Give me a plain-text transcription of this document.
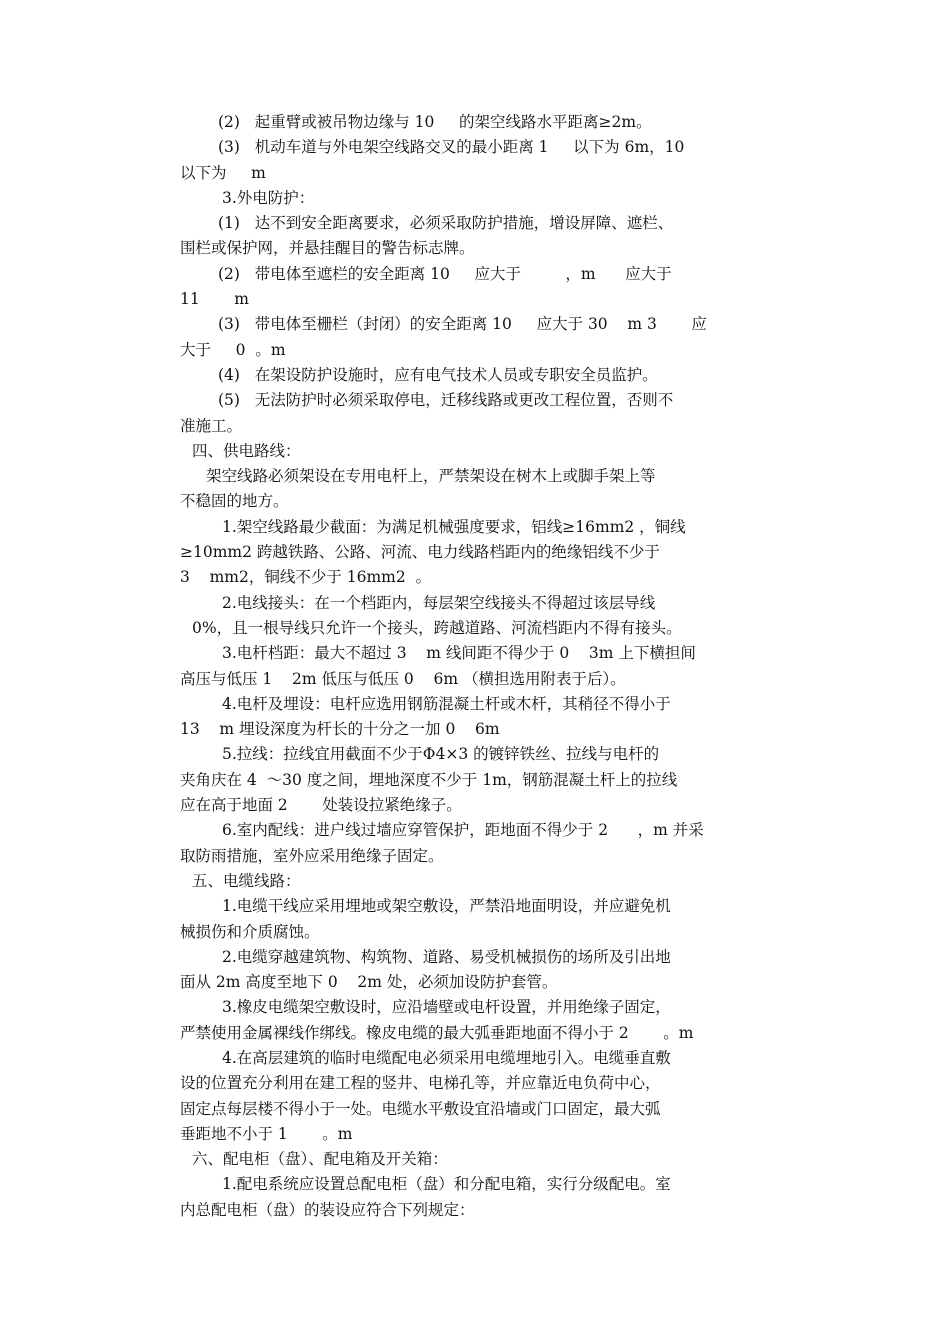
(2)   起重臂或被吊物边缘与 10     的架空线路水平距离≥2m。
(3)   机动车道与外电架空线路交叉的最小距离 1     以下为 6m，10
以下为     m
3.外电防护：
(1)   达不到安全距离要求，必须采取防护措施，增设屏障、遮栏、
围栏或保护网，并悬挂醒目的警告标志牌。
(2)   带电体至遮栏的安全距离 10     应大于         ，m      应大于
11       m
(3)   带电体至栅栏（封闭）的安全距离 10     应大于 30    m 3       应
大于     0  。m
(4)   在架设防护设施时，应有电气技术人员或专职安全员监护。
(5)   无法防护时必须采取停电，迁移线路或更改工程位置，否则不
准施工。
四、供电路线：
架空线路必须架设在专用电杆上，严禁架设在树木上或脚手架上等
不稳固的地方。
1.架空线路最少截面：为满足机械强度要求，铝线≥16mm2 ，铜线
≥10mm2 跨越铁路、公路、河流、电力线路档距内的绝缘铝线不少于
3    mm2，铜线不少于 16mm2  。
2.电线接头：在一个档距内，每层架空线接头不得超过该层导线
0%，且一根导线只允许一个接头，跨越道路、河流档距内不得有接头。
3.电杆档距：最大不超过 3    m 线间距不得少于 0    3m 上下横担间
高压与低压 1    2m 低压与低压 0    6m （横担选用附表于后）。
4.电杆及埋设：电杆应选用钢筋混凝土杆或木杆，其稍径不得小于
13    m 埋设深度为杆长的十分之一加 0    6m
5.拉线：拉线宜用截面不少于Φ4×3 的镀锌铁丝、拉线与电杆的
夹角庆在 4  ～30 度之间，埋地深度不少于 1m，钢筋混凝土杆上的拉线
应在高于地面 2       处装设拉紧绝缘子。
6.室内配线：进户线过墙应穿管保护，距地面不得少于 2      ，m 并采
取防雨措施，室外应采用绝缘子固定。
五、电缆线路：
1.电缆干线应采用埋地或架空敷设，严禁沿地面明设，并应避免机
械损伤和介质腐蚀。
2.电缆穿越建筑物、构筑物、道路、易受机械损伤的场所及引出地
面从 2m 高度至地下 0    2m 处，必须加设防护套管。
3.橡皮电缆架空敷设时，应沿墙壁或电杆设置，并用绝缘子固定，
严禁使用金属裸线作绑线。橡皮电缆的最大弧垂距地面不得小于 2       。m
4.在高层建筑的临时电缆配电必须采用电缆埋地引入。电缆垂直敷
设的位置充分利用在建工程的竖井、电梯孔等，并应靠近电负荷中心，
固定点每层楼不得小于一处。电缆水平敷设宜沿墙或门口固定，最大弧
垂距地不小于 1       。m
六、配电柜（盘）、配电箱及开关箱：
1.配电系统应设置总配电柜（盘）和分配电箱，实行分级配电。室
内总配电柜（盘）的装设应符合下列规定：
